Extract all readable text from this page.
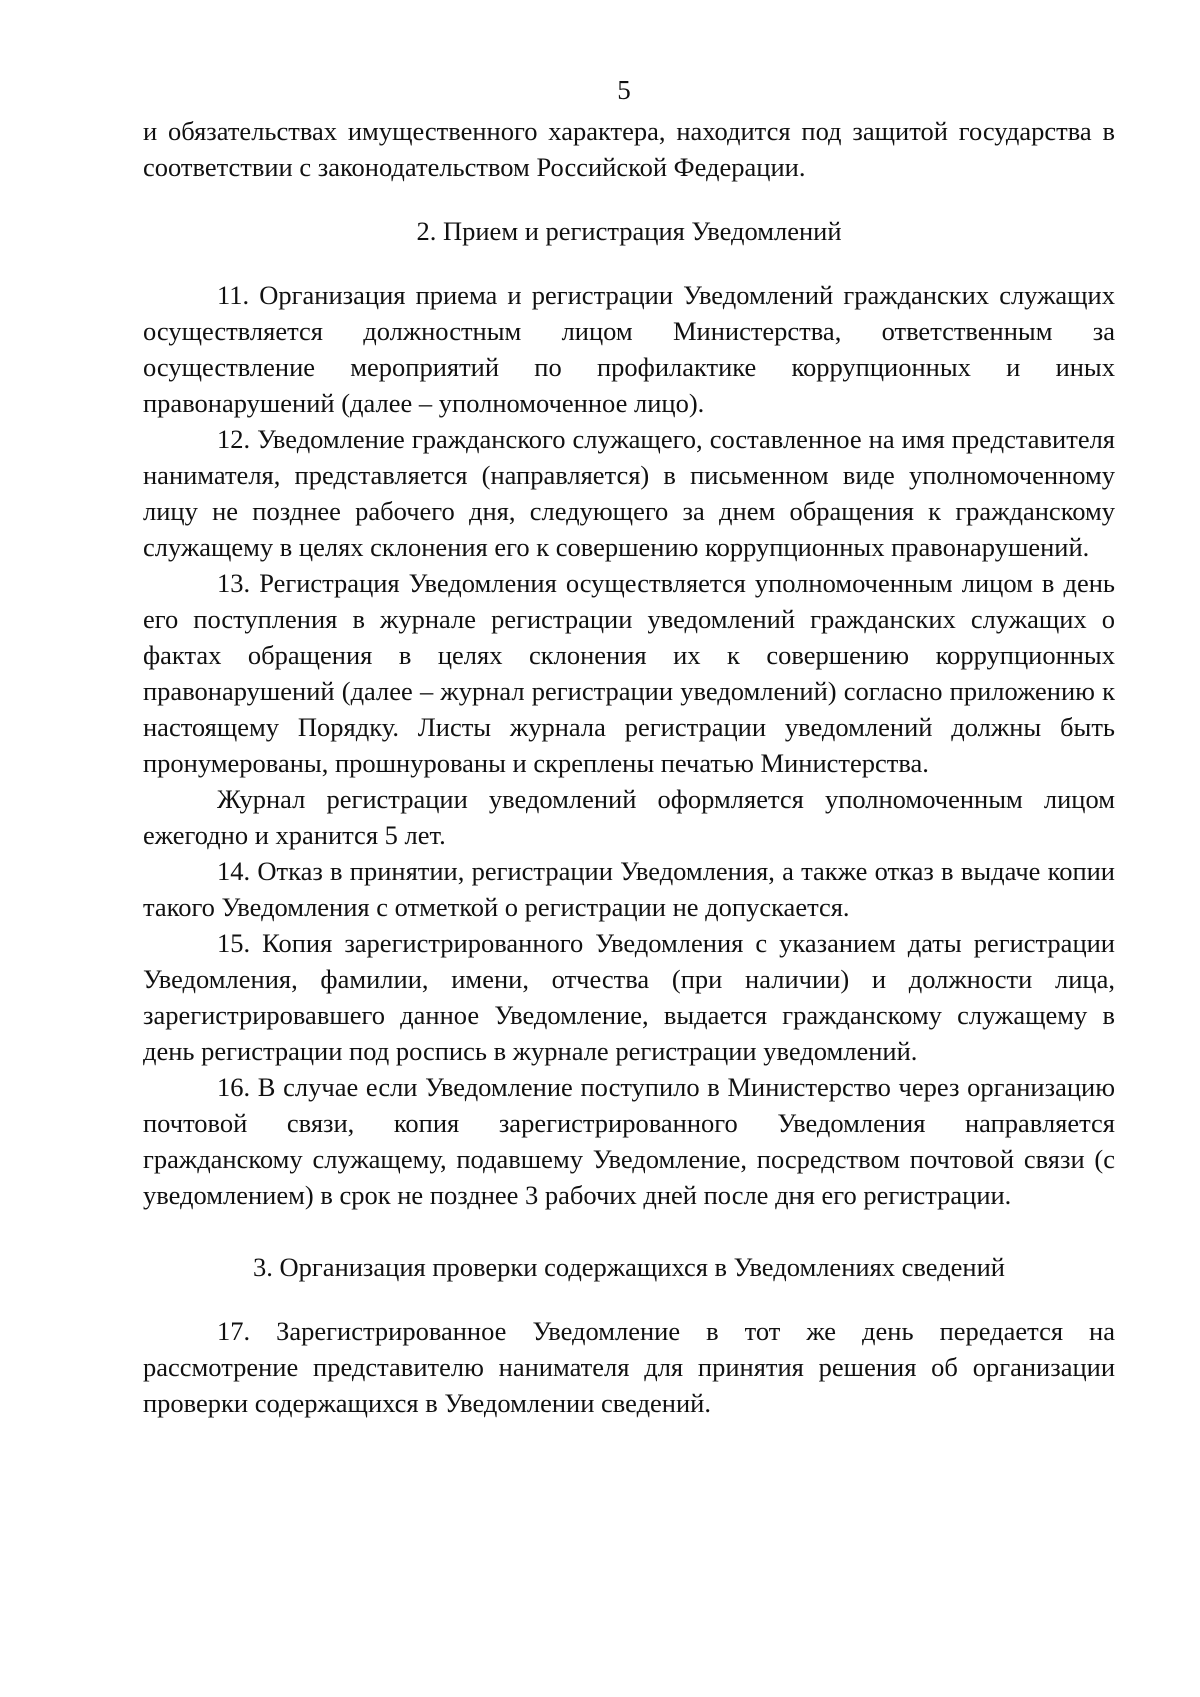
5

и обязательствах имущественного характера, находится под защитой государства в соответствии с законодательством Российской Федерации.

2. Прием и регистрация Уведомлений

11. Организация приема и регистрации Уведомлений гражданских служащих осуществляется должностным лицом Министерства, ответственным за осуществление мероприятий по профилактике коррупционных и иных правонарушений (далее – уполномоченное лицо).

12. Уведомление гражданского служащего, составленное на имя представителя нанимателя, представляется (направляется) в письменном виде уполномоченному лицу не позднее рабочего дня, следующего за днем обращения к гражданскому служащему в целях склонения его к совершению коррупционных правонарушений.

13. Регистрация Уведомления осуществляется уполномоченным лицом в день его поступления в журнале регистрации уведомлений гражданских служащих о фактах обращения в целях склонения их к совершению коррупционных правонарушений (далее – журнал регистрации уведомлений) согласно приложению к настоящему Порядку. Листы журнала регистрации уведомлений должны быть пронумерованы, прошнурованы и скреплены печатью Министерства.

Журнал регистрации уведомлений оформляется уполномоченным лицом ежегодно и хранится 5 лет.

14. Отказ в принятии, регистрации Уведомления, а также отказ в выдаче копии такого Уведомления с отметкой о регистрации не допускается.

15. Копия зарегистрированного Уведомления с указанием даты регистрации Уведомления, фамилии, имени, отчества (при наличии) и должности лица, зарегистрировавшего данное Уведомление, выдается гражданскому служащему в день регистрации под роспись в журнале регистрации уведомлений.

16. В случае если Уведомление поступило в Министерство через организацию почтовой связи, копия зарегистрированного Уведомления направляется гражданскому служащему, подавшему Уведомление, посредством почтовой связи (с уведомлением) в срок не позднее 3 рабочих дней после дня его регистрации.

3. Организация проверки содержащихся в Уведомлениях сведений

17. Зарегистрированное Уведомление в тот же день передается на рассмотрение представителю нанимателя для принятия решения об организации проверки содержащихся в Уведомлении сведений.
